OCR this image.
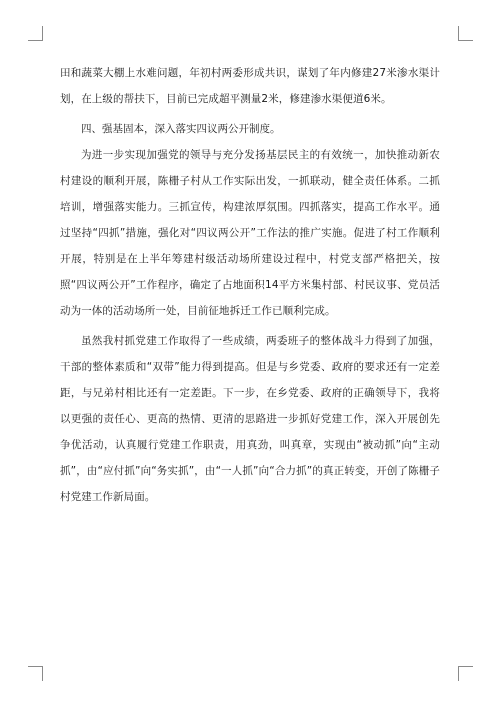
田和蔬菜大棚上水难问题，年初村两委形成共识，谋划了年内修建27米渗水渠计划，在上级的帮扶下，目前已完成超平测量2米，修建渗水渠便道6米。

四、强基固本，深入落实四议两公开制度。

为进一步实现加强党的领导与充分发扬基层民主的有效统一，加快推动新农村建设的顺利开展，陈栅子村从工作实际出发，一抓联动，健全责任体系。二抓培训，增强落实能力。三抓宣传，构建浓厚氛围。四抓落实，提高工作水平。通过坚持“四抓”措施，强化对“四议两公开”工作法的推广实施。促进了村工作顺利开展，特别是在上半年筹建村级活动场所建设过程中，村党支部严格把关，按照“四议两公开”工作程序，确定了占地面积14平方米集村部、村民议事、党员活动为一体的活动场所一处，目前征地拆迁工作已顺利完成。

虽然我村抓党建工作取得了一些成绩，两委班子的整体战斗力得到了加强，干部的整体素质和“双带”能力得到提高。但是与乡党委、政府的要求还有一定差距，与兄弟村相比还有一定差距。下一步，在乡党委、政府的正确领导下，我将以更强的责任心、更高的热情、更清的思路进一步抓好党建工作，深入开展创先争优活动，认真履行党建工作职责，用真劲，叫真章，实现由“被动抓”向“主动抓”，由“应付抓”向“务实抓”，由“一人抓”向“合力抓”的真正转变，开创了陈栅子村党建工作新局面。
